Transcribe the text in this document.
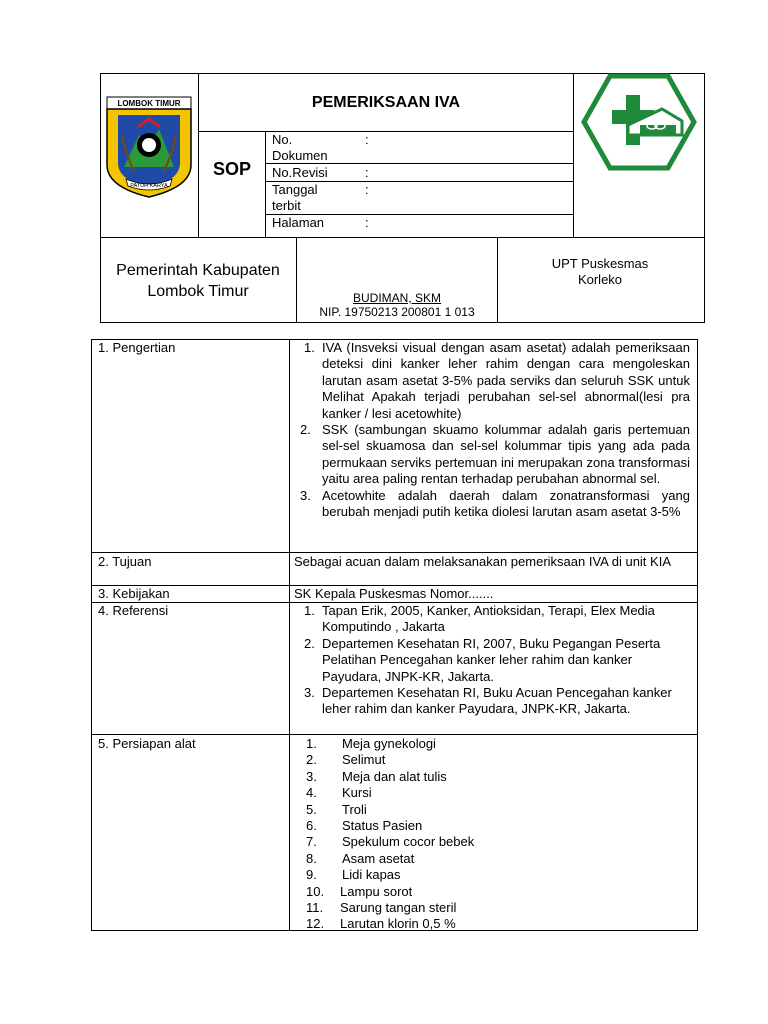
LOMBOK TIMUR
PATUH KARYA
PEMERIKSAAN IVA
SOP
No. Dokumen
:
No.Revisi	:
Tanggal terbit
:
Halaman	:
Pemerintah Kabupaten Lombok Timur	BUDIMAN, SKM
NIP. 19750213 200801 1 013
UPT Puskesmas Korleko
1. Pengertian	1. IVA (Insveksi visual dengan asam asetat) adalah pemeriksaan deteksi dini kanker leher rahim dengan cara mengoleskan larutan asam asetat 3-5% pada serviks dan seluruh SSK untuk Melihat Apakah terjadi perubahan sel-sel abnormal(lesi pra kanker / lesi acetowhite)
2. SSK (sambungan skuamo kolummar adalah garis pertemuan sel-sel skuamosa dan sel-sel kolummar tipis yang ada pada permukaan serviks pertemuan ini merupakan zona transformasi yaitu area paling rentan terhadap perubahan abnormal sel.
3. Acetowhite adalah daerah dalam zonatransformasi yang berubah menjadi putih ketika diolesi larutan asam asetat 3-5%
2. Tujuan	Sebagai acuan dalam melaksanakan pemeriksaan IVA di unit KIA
3. Kebijakan	SK Kepala Puskesmas Nomor.......
4. Referensi	1. Tapan Erik, 2005, Kanker, Antioksidan, Terapi, Elex Media Komputindo , Jakarta
2. Departemen Kesehatan RI, 2007, Buku Pegangan Peserta Pelatihan Pencegahan kanker leher rahim dan kanker Payudara, JNPK-KR, Jakarta.
3. Departemen Kesehatan RI, Buku Acuan Pencegahan kanker leher rahim dan kanker Payudara, JNPK-KR, Jakarta.
5. Persiapan alat	1.	Meja gynekologi
2.	Selimut
3.	Meja dan alat tulis
4.	Kursi
5.	Troli
6.	Status Pasien
7.	Spekulum cocor bebek
8.	Asam asetat
9.	Lidi kapas
10.	Lampu sorot
11.	Sarung tangan steril
12.	Larutan klorin 0,5 %
